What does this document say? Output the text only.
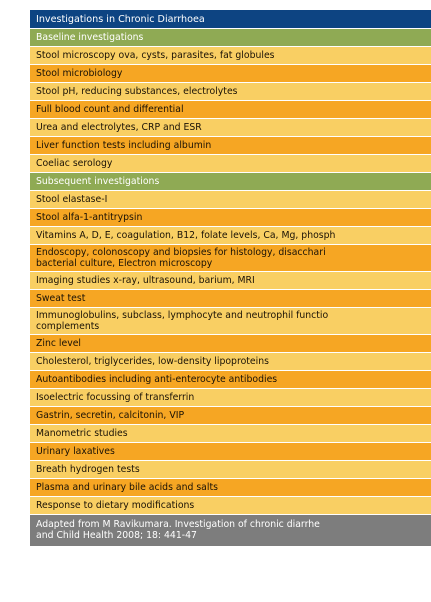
Investigations in Chronic Diarrhoea
Baseline investigations
Stool microscopy ova, cysts, parasites, fat globules
Stool microbiology
Stool pH, reducing substances, electrolytes
Full blood count and differential
Urea and electrolytes, CRP and ESR
Liver function tests including albumin
Coeliac serology
Subsequent investigations
Stool elastase-I
Stool alfa-1-antitrypsin
Vitamins A, D, E, coagulation, B12, folate levels, Ca, Mg, phosph
Endoscopy, colonoscopy and biopsies for histology, disacchari
bacterial culture, Electron microscopy
Imaging studies x-ray, ultrasound, barium, MRI
Sweat test
Immunoglobulins, subclass, lymphocyte and neutrophil functio
complements
Zinc level
Cholesterol, triglycerides, low-density lipoproteins
Autoantibodies including anti-enterocyte antibodies
Isoelectric focussing of transferrin
Gastrin, secretin, calcitonin, VIP
Manometric studies
Urinary laxatives
Breath hydrogen tests
Plasma and urinary bile acids and salts
Response to dietary modifications
Adapted from M Ravikumara. Investigation of chronic diarrhe
and Child Health 2008; 18: 441-47
